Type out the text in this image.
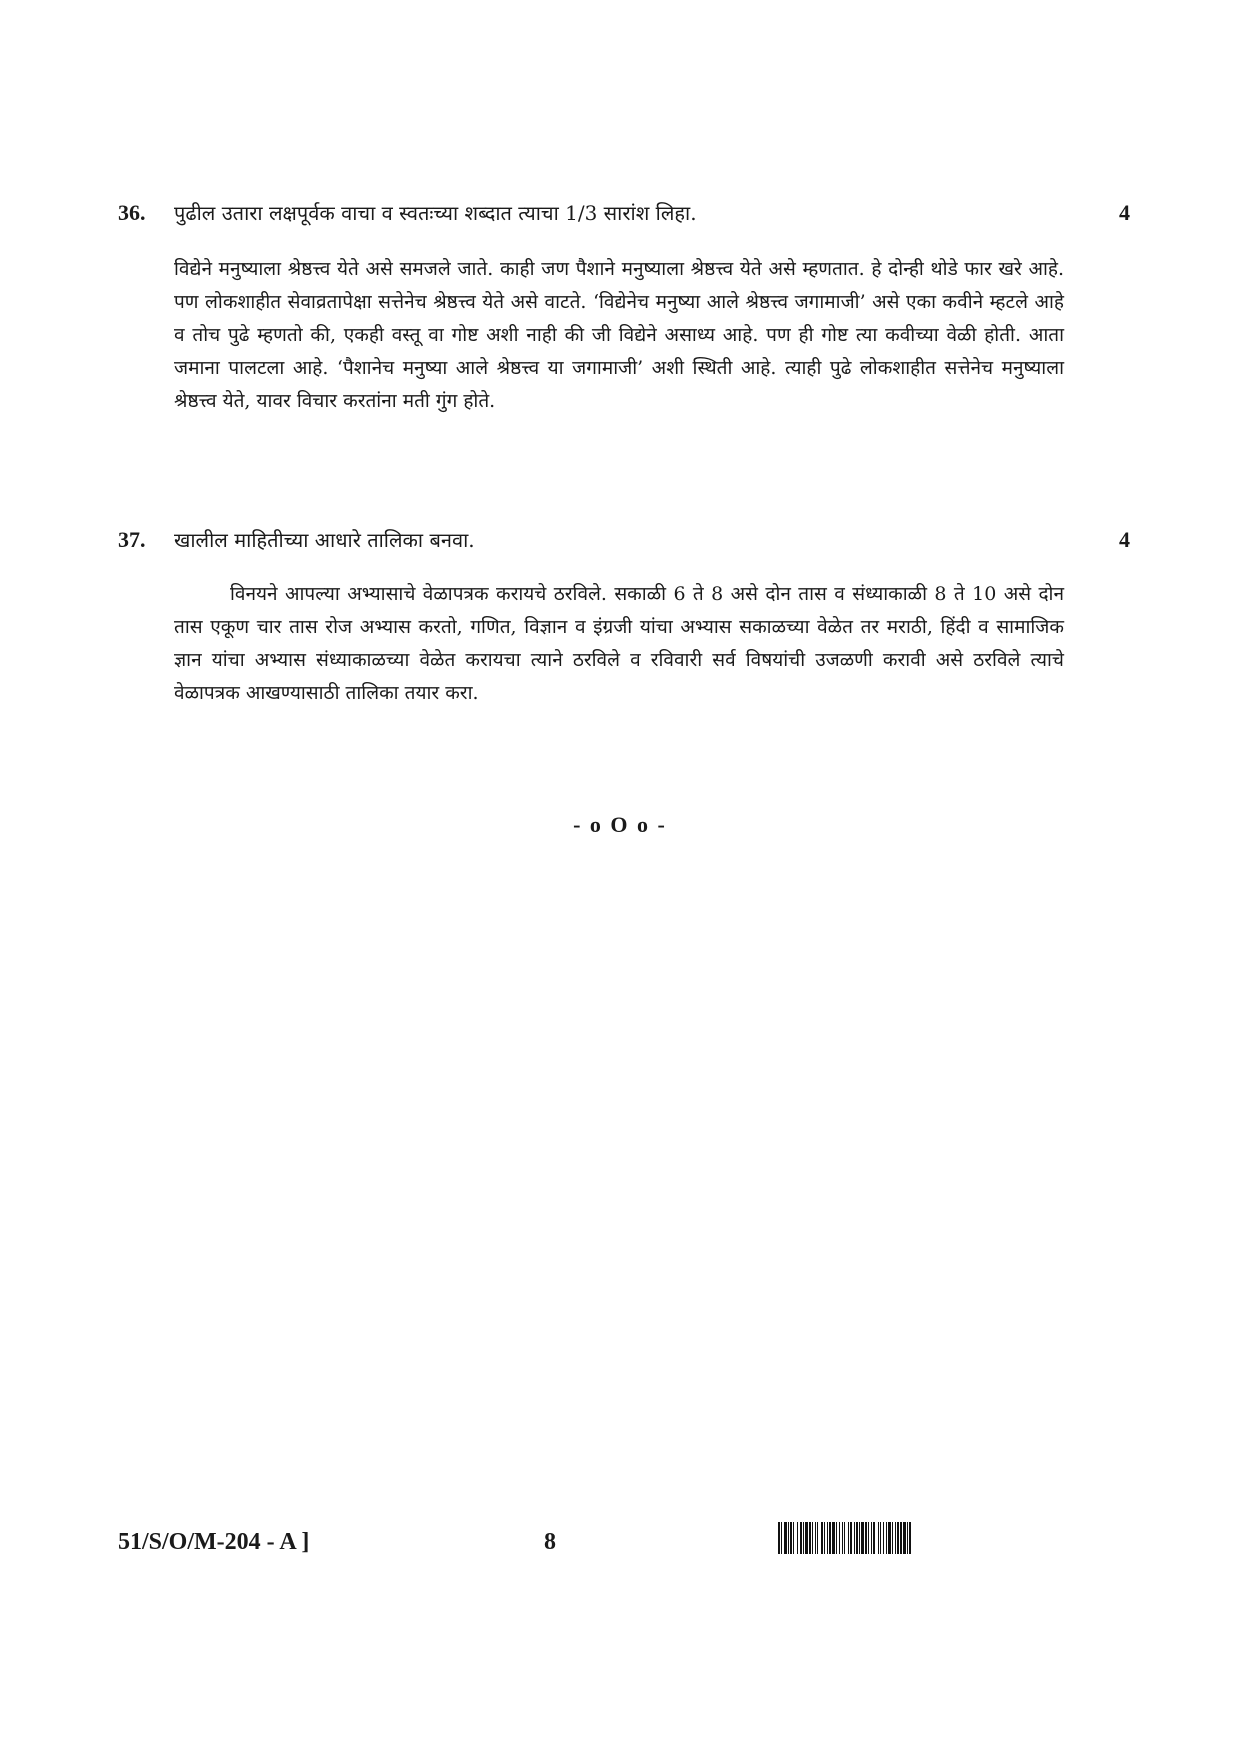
36. पुढील उतारा लक्षपूर्वक वाचा व स्वतःच्या शब्दात त्याचा 1/3 सारांश लिहा.	4
विद्येने मनुष्याला श्रेष्ठत्त्व येते असे समजले जाते. काही जण पैशाने मनुष्याला श्रेष्ठत्त्व येते असे म्हणतात. हे दोन्ही थोडे फार खरे आहे. पण लोकशाहीत सेवाव्रतापेक्षा सत्तेनेच श्रेष्ठत्त्व येते असे वाटते. ‘विद्येनेच मनुष्या आले श्रेष्ठत्त्व जगामाजी’ असे एका कवीने म्हटले आहे व तोच पुढे म्हणतो की, एकही वस्तू वा गोष्ट अशी नाही की जी विद्येने असाध्य आहे. पण ही गोष्ट त्या कवीच्या वेळी होती. आता जमाना पालटला आहे. ‘पैशानेच मनुष्या आले श्रेष्ठत्त्व या जगामाजी’ अशी स्थिती आहे. त्याही पुढे लोकशाहीत सत्तेनेच मनुष्याला श्रेष्ठत्त्व येते, यावर विचार करतांना मती गुंग होते.
37. खालील माहितीच्या आधारे तालिका बनवा.	4
विनयने आपल्या अभ्यासाचे वेळापत्रक करायचे ठरविले. सकाळी 6 ते 8 असे दोन तास व संध्याकाळी 8 ते 10 असे दोन तास एकूण चार तास रोज अभ्यास करतो, गणित, विज्ञान व इंग्रजी यांचा अभ्यास सकाळच्या वेळेत तर मराठी, हिंदी व सामाजिक ज्ञान यांचा अभ्यास संध्याकाळच्या वेळेत करायचा त्याने ठरविले व रविवारी सर्व विषयांची उजळणी करावी असे ठरविले त्याचे वेळापत्रक आखण्यासाठी तालिका तयार करा.
- o O o -
51/S/O/M-204 - A ]	8
